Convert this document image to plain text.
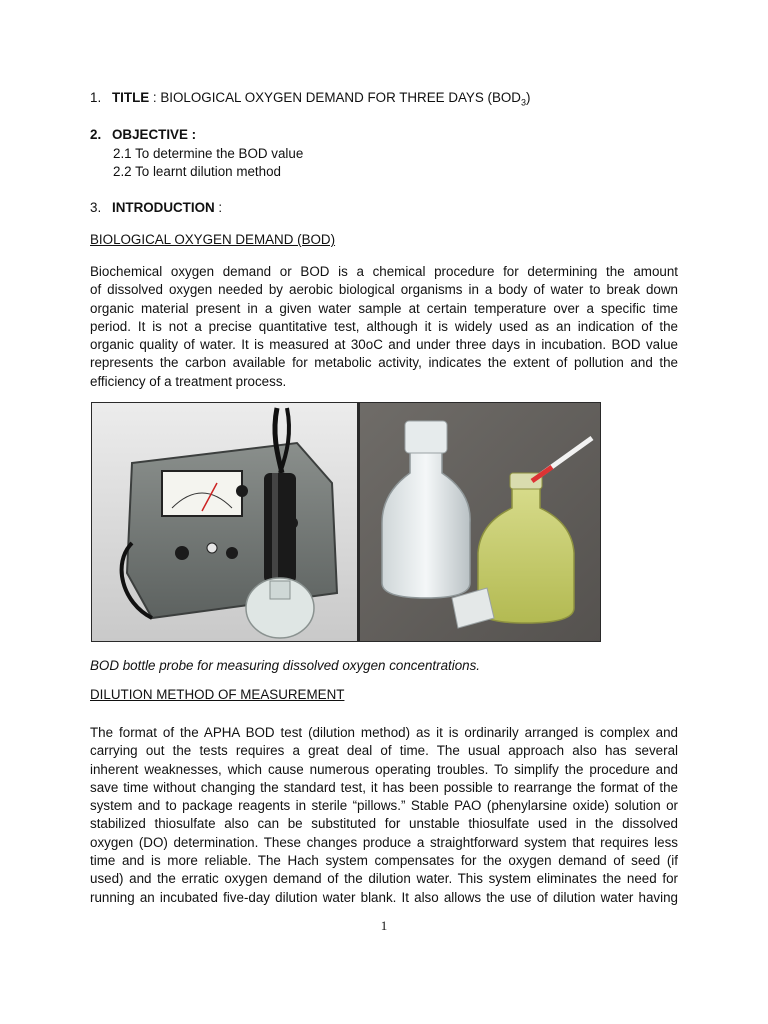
1. TITLE : BIOLOGICAL OXYGEN DEMAND FOR THREE DAYS $(BOD_3)$
2. OBJECTIVE :
2.1 To determine the BOD value
2.2 To learnt dilution method
3. INTRODUCTION :
BIOLOGICAL OXYGEN DEMAND (BOD)
Biochemical oxygen demand or BOD is a chemical procedure for determining the amount
of dissolved oxygen needed by aerobic biological organisms in a body of water to break down
organic material present in a given water sample at certain temperature over a specific time
period. It is not a precise quantitative test, although it is widely used as an indication of the
organic quality of water. It is measured at 30oC and under three days in incubation. BOD value
represents the carbon available for metabolic activity, indicates the extent of pollution and the
efficiency of a treatment process.
BOD bottle probe for measuring dissolved oxygen concentrations.
DILUTION METHOD OF MEASUREMENT
The format of the APHA BOD test (dilution method) as it is ordinarily arranged is complex and
carrying out the tests requires a great deal of time. The usual approach also has several
inherent weaknesses, which cause numerous operating troubles. To simplify the procedure and
save time without changing the standard test, it has been possible to rearrange the format of the
system and to package reagents in sterile “pillows.” Stable PAO (phenylarsine oxide) solution or
stabilized thiosulfate also can be substituted for unstable thiosulfate used in the dissolved
oxygen (DO) determination. These changes produce a straightforward system that requires less
time and is more reliable. The Hach system compensates for the oxygen demand of seed (if
used) and the erratic oxygen demand of the dilution water. This system eliminates the need for
running an incubated five-day dilution water blank. It also allows the use of dilution water having
1
